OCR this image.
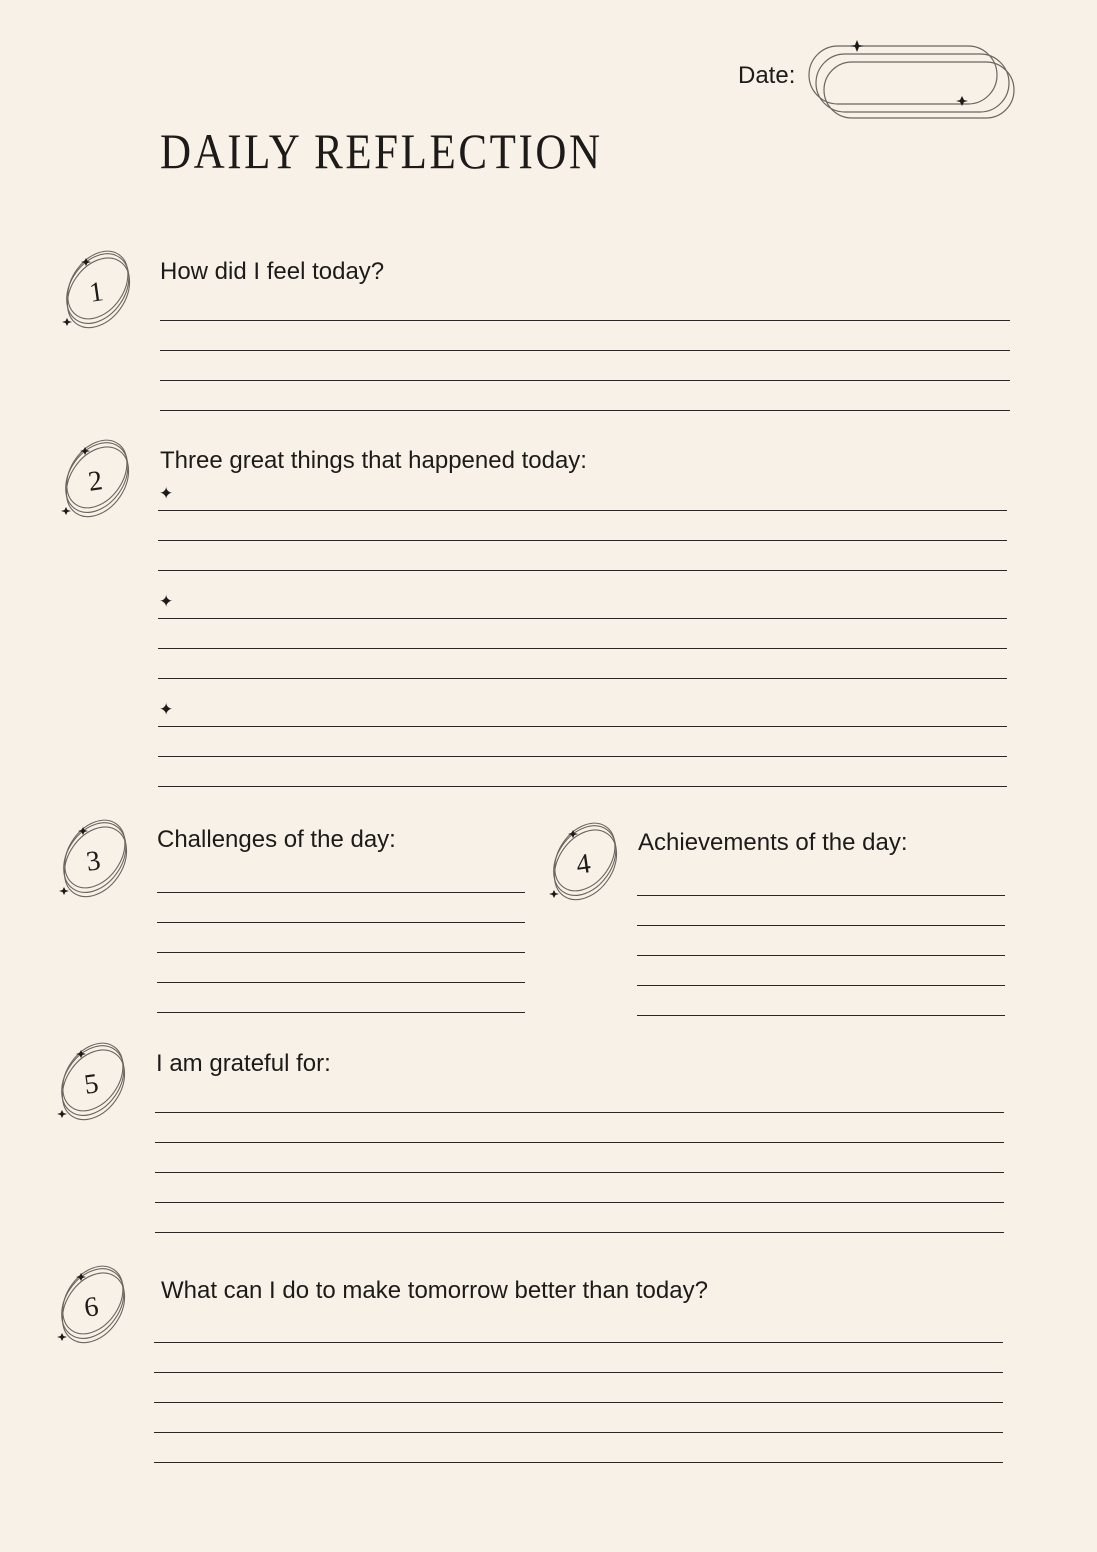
Date:
DAILY REFLECTION
1
How did I feel today?
2
Three great things that happened today:
✦
✦
✦
3
Challenges of the day:
4
Achievements of the day:
5
I am grateful for:
6
What can I do to make tomorrow better than today?
